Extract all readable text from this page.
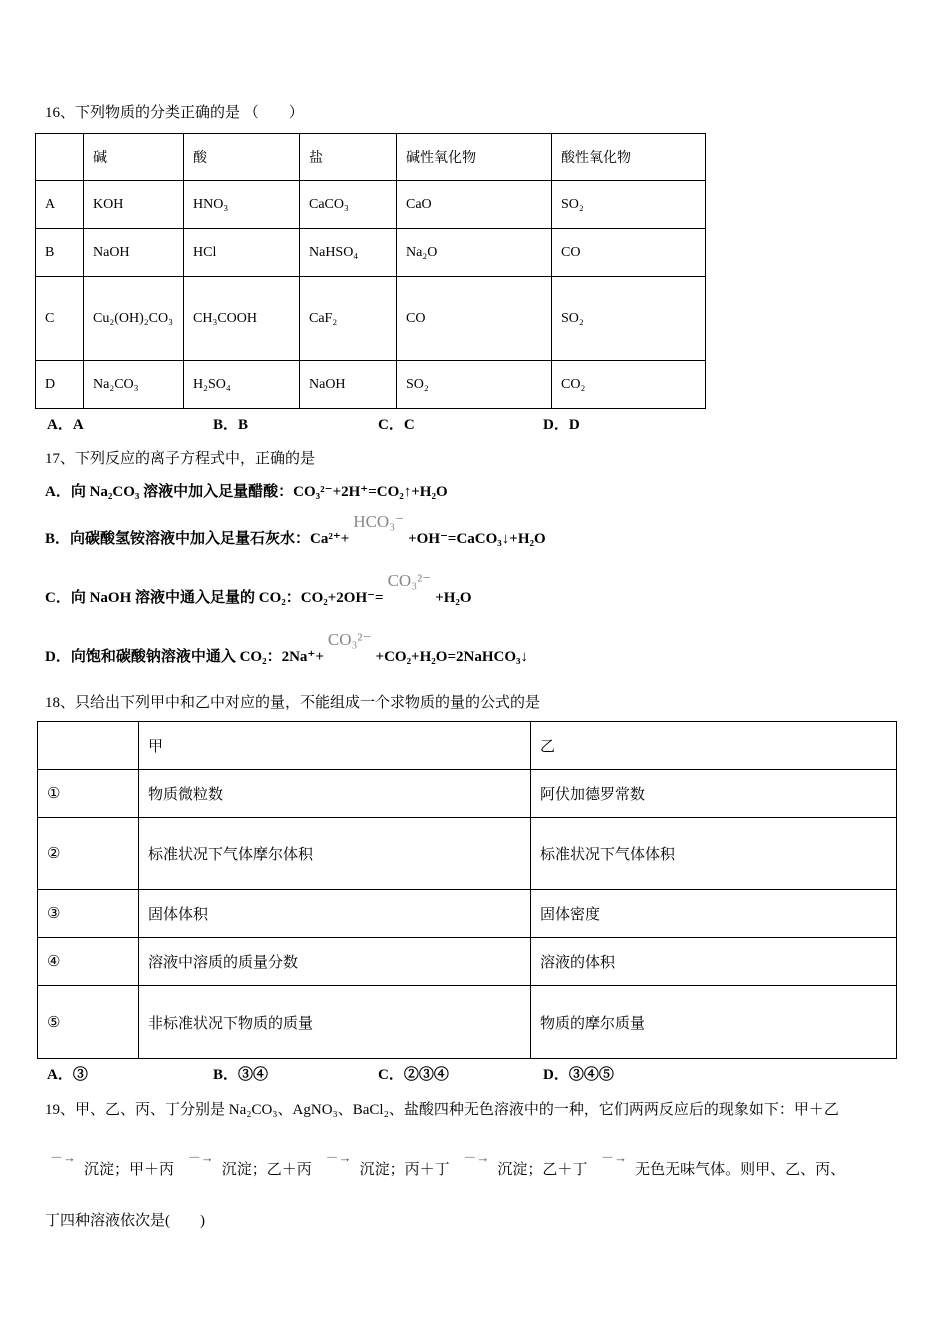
16、下列物质的分类正确的是 （　　）
	碱	酸	盐	碱性氧化物	酸性氧化物
A	KOH	HNO₃	CaCO₃	CaO	SO₂
B	NaOH	HCl	NaHSO₄	Na₂O	CO
C	Cu₂(OH)₂CO₃	CH₃COOH	CaF₂	CO	SO₂
D	Na₂CO₃	H₂SO₄	NaOH	SO₂	CO₂
A．A	B．B	C．C	D．D
17、下列反应的离子方程式中，正确的是
A．向 Na₂CO₃ 溶液中加入足量醋酸：CO₃²⁻+2H⁺=CO₂↑+H₂O
B．向碳酸氢铵溶液中加入足量石灰水：Ca²⁺+HCO₃⁻+OH⁻=CaCO₃↓+H₂O
C．向 NaOH 溶液中通入足量的 CO₂：CO₂+2OH⁻=CO₃²⁻+H₂O
D．向饱和碳酸钠溶液中通入 CO₂：2Na⁺+CO₃²⁻+CO₂+H₂O=2NaHCO₃↓
18、只给出下列甲中和乙中对应的量，不能组成一个求物质的量的公式的是
	甲	乙
①	物质微粒数	阿伏加德罗常数
②	标准状况下气体摩尔体积	标准状况下气体体积
③	固体体积	固体密度
④	溶液中溶质的质量分数	溶液的体积
⑤	非标准状况下物质的质量	物质的摩尔质量
A．③	B．③④	C．②③④	D．③④⑤
19、甲、乙、丙、丁分别是 Na₂CO₃、AgNO₃、BaCl₂、盐酸四种无色溶液中的一种，它们两两反应后的现象如下：甲＋乙
－→沉淀；甲＋丙 －→沉淀；乙＋丙 －→沉淀；丙＋丁 －→沉淀；乙＋丁 －→无色无味气体。则甲、乙、丙、
丁四种溶液依次是(　　)
